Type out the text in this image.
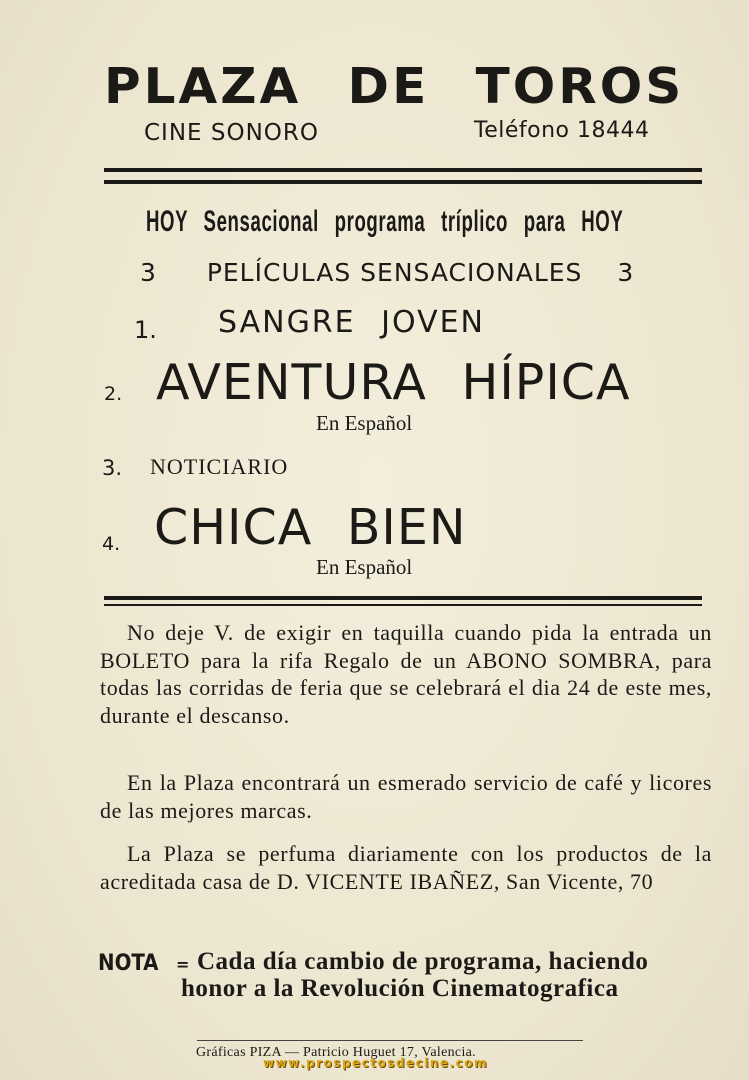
PLAZA DE TOROS
CINE SONORO	Teléfono 18444
HOY Sensacional programa tríplico para HOY
3 PELÍCULAS SENSACIONALES 3
1. SANGRE JOVEN
2. AVENTURA HÍPICA
En Español
3. NOTICIARIO
4. CHICA BIEN
En Español
No deje V. de exigir en taquilla cuando pida la entrada un BOLETO para la rifa Regalo de un ABONO SOMBRA, para todas las corridas de feria que se celebrará el dia 24 de este mes, durante el descanso.
En la Plaza encontrará un esmerado servicio de café y licores de las mejores marcas.
La Plaza se perfuma diariamente con los productos de la acreditada casa de D. VICENTE IBAÑEZ, San Vicente, 70
NOTA = Cada día cambio de programa, haciendo
honor a la Revolución Cinematografica
Gráficas PIZA — Patricio Huguet 17, Valencia.
www.prospectosdecine.com
